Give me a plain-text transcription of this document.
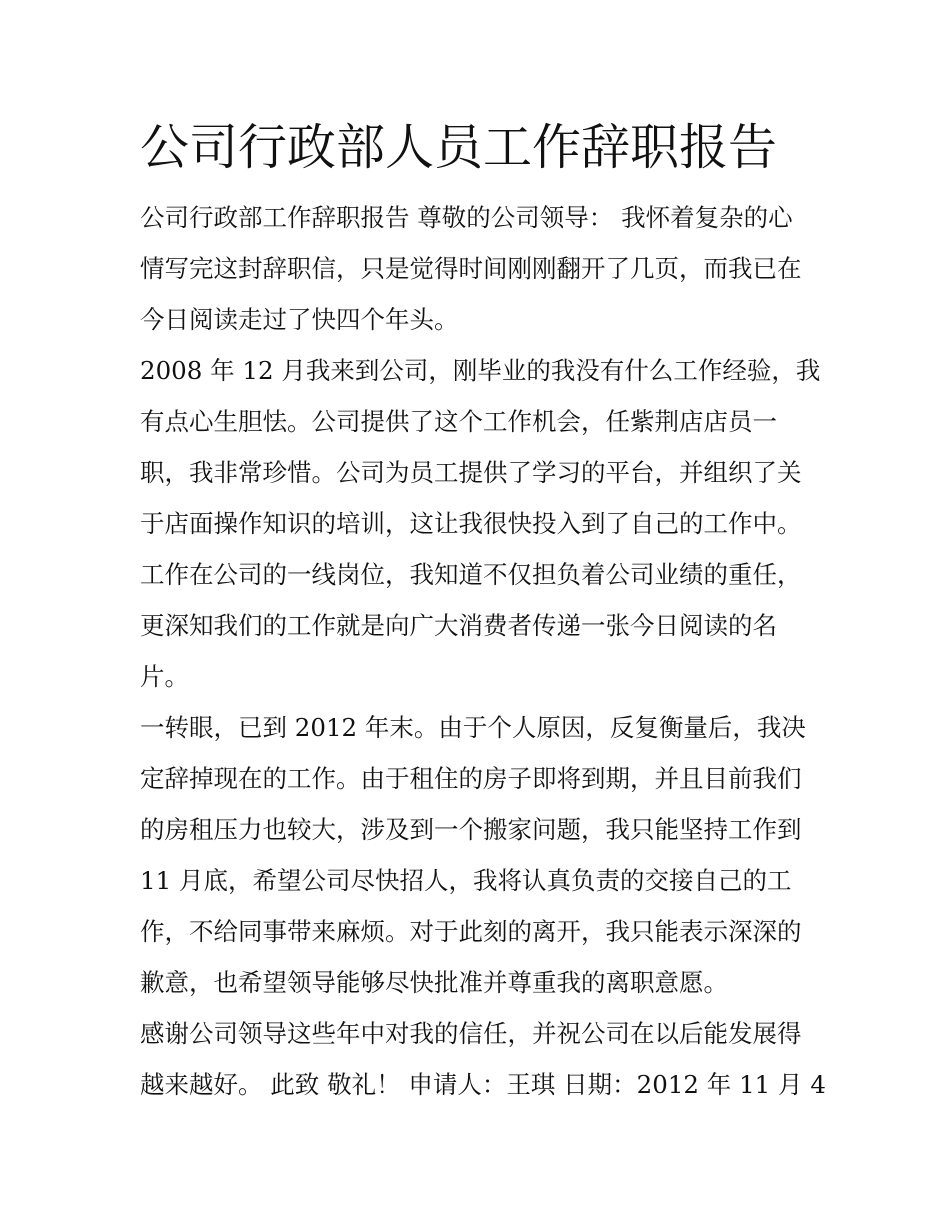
公司行政部人员工作辞职报告

公司行政部工作辞职报告 尊敬的公司领导： 我怀着复杂的心
情写完这封辞职信，只是觉得时间刚刚翻开了几页，而我已在
今日阅读走过了快四个年头。

2008 年 12 月我来到公司，刚毕业的我没有什么工作经验，我
有点心生胆怯。公司提供了这个工作机会，任紫荆店店员一
职，我非常珍惜。公司为员工提供了学习的平台，并组织了关
于店面操作知识的培训，这让我很快投入到了自己的工作中。
工作在公司的一线岗位，我知道不仅担负着公司业绩的重任，
更深知我们的工作就是向广大消费者传递一张今日阅读的名
片。

一转眼，已到 2012 年末。由于个人原因，反复衡量后，我决
定辞掉现在的工作。由于租住的房子即将到期，并且目前我们
的房租压力也较大，涉及到一个搬家问题，我只能坚持工作到
11 月底，希望公司尽快招人，我将认真负责的交接自己的工
作，不给同事带来麻烦。对于此刻的离开，我只能表示深深的
歉意，也希望领导能够尽快批准并尊重我的离职意愿。

感谢公司领导这些年中对我的信任，并祝公司在以后能发展得
越来越好。 此致 敬礼！ 申请人：王琪 日期：2012 年 11 月 4
